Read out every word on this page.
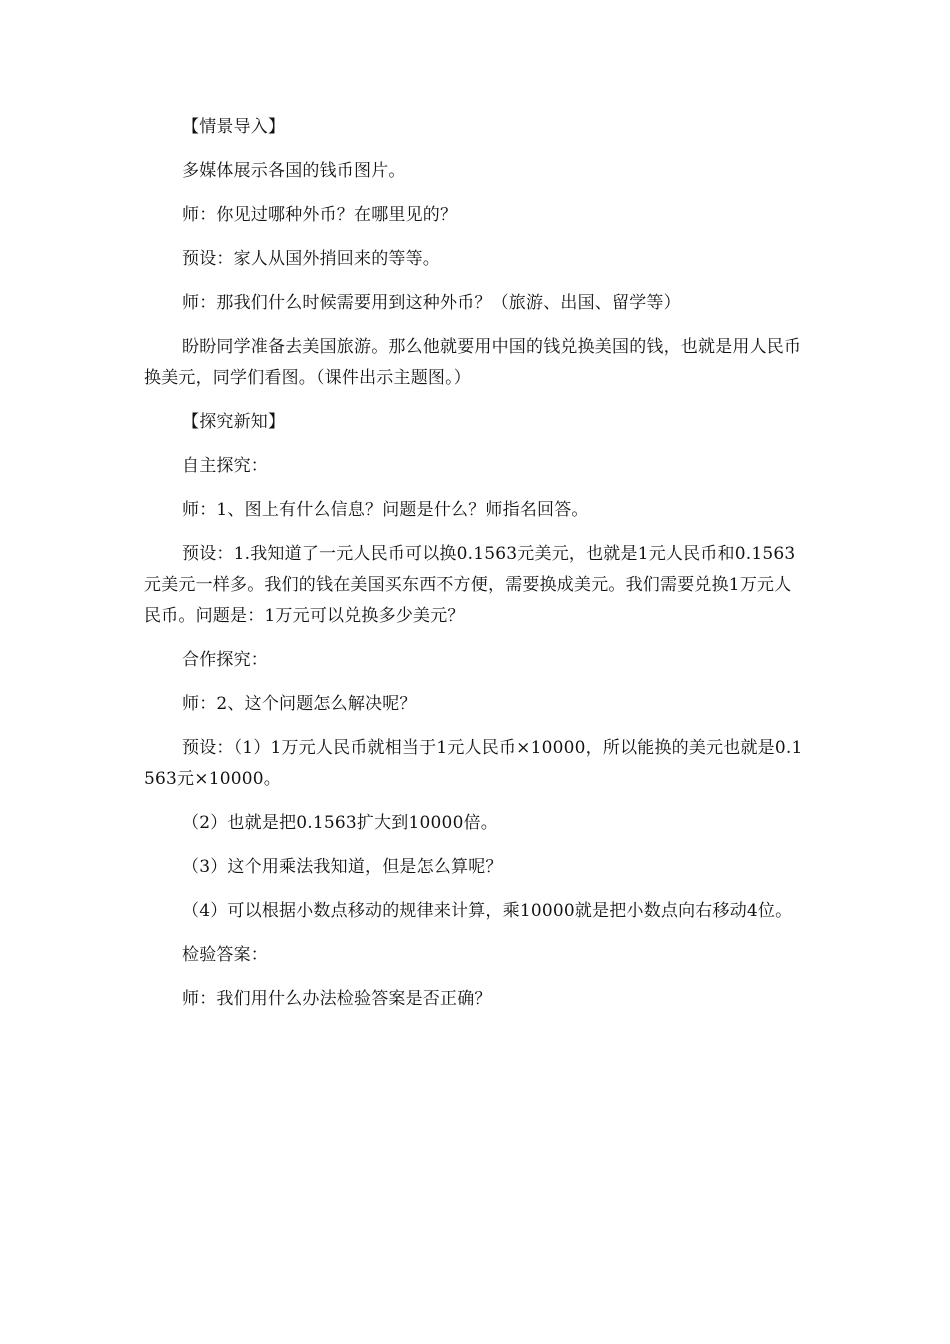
【情景导入】

多媒体展示各国的钱币图片。

师：你见过哪种外币？在哪里见的？

预设：家人从国外捎回来的等等。

师：那我们什么时候需要用到这种外币？（旅游、出国、留学等）

盼盼同学准备去美国旅游。那么他就要用中国的钱兑换美国的钱，也就是用人民币换美元，同学们看图。（课件出示主题图。）

【探究新知】

自主探究：

师：1、图上有什么信息？问题是什么？师指名回答。

预设：1.我知道了一元人民币可以换0.1563元美元，也就是1元人民币和0.1563元美元一样多。我们的钱在美国买东西不方便，需要换成美元。我们需要兑换1万元人民币。问题是：1万元可以兑换多少美元？

合作探究：

师：2、这个问题怎么解决呢？

预设：（1）1万元人民币就相当于1元人民币×10000，所以能换的美元也就是0.1563元×10000。

（2）也就是把0.1563扩大到10000倍。

（3）这个用乘法我知道，但是怎么算呢？

（4）可以根据小数点移动的规律来计算，乘10000就是把小数点向右移动4位。

检验答案：

师：我们用什么办法检验答案是否正确？
